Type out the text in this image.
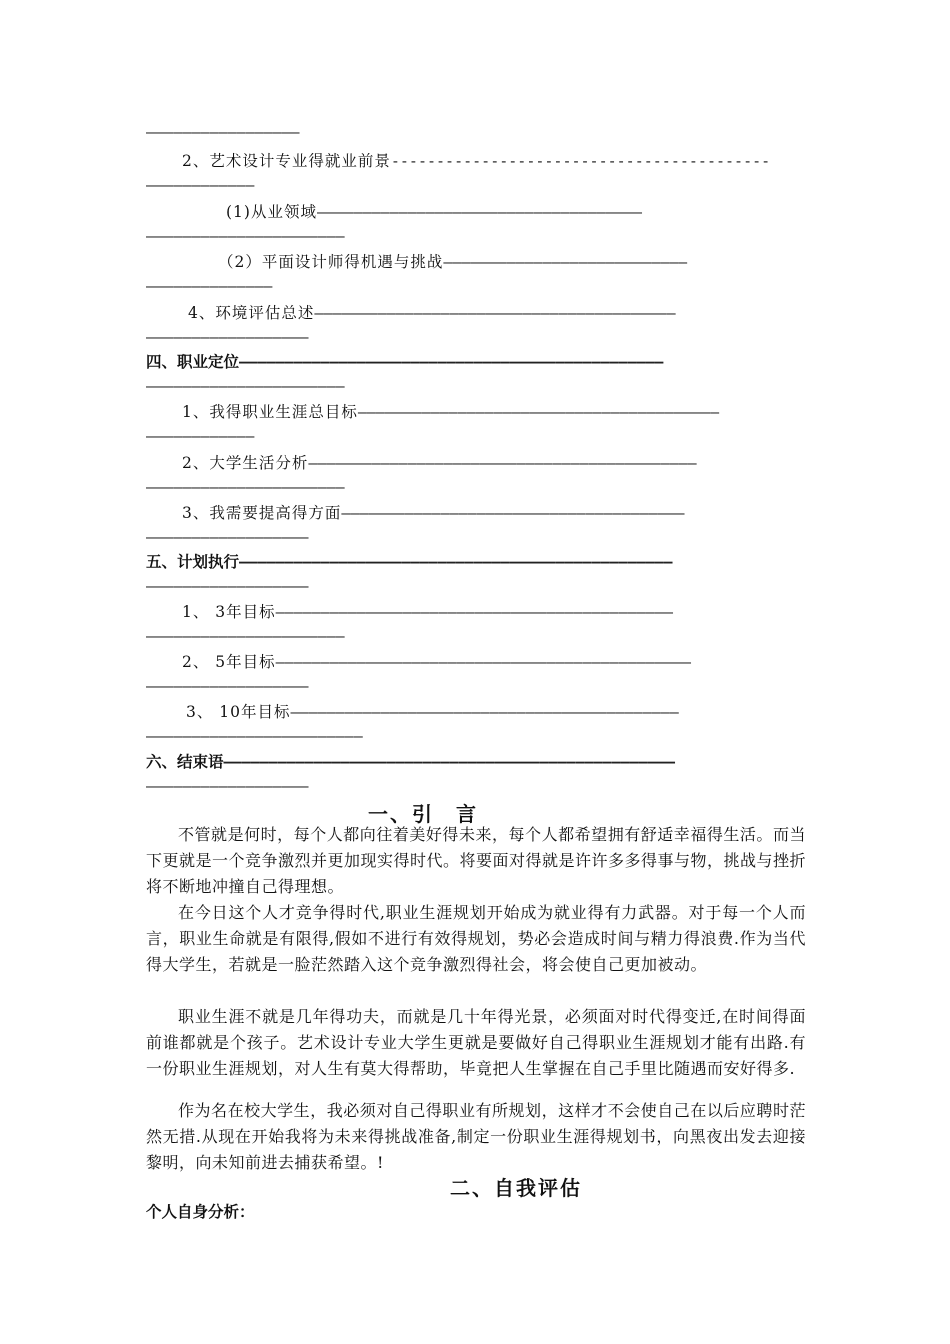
—————————————————
2、艺术设计专业得就业前景------------------------------------------
————————————
(1)从业领域————————————————————————————————————
——————————————————————
（2）平面设计师得机遇与挑战———————————————————————————
——————————————
4、环境评估总述————————————————————————————————————————
——————————————————
四、职业定位———————————————————————————————————————————————
——————————————————————
1、我得职业生涯总目标————————————————————————————————————————
————————————
2、大学生活分析———————————————————————————————————————————
——————————————————————
3、我需要提高得方面——————————————————————————————————————
——————————————————
五、计划执行————————————————————————————————————————————————
——————————————————
1、 3年目标————————————————————————————————————————————
——————————————————————
2、 5年目标——————————————————————————————————————————————
——————————————————
3、 10年目标———————————————————————————————————————————
————————————————————————
六、结束语——————————————————————————————————————————————————
——————————————————
一、引　言

不管就是何时，每个人都向往着美好得未来，每个人都希望拥有舒适幸福得生活。而当下更就是一个竞争激烈并更加现实得时代。将要面对得就是许许多多得事与物，挑战与挫折将不断地冲撞自己得理想。

在今日这个人才竞争得时代,职业生涯规划开始成为就业得有力武器。对于每一个人而言，职业生命就是有限得,假如不进行有效得规划，势必会造成时间与精力得浪费.作为当代得大学生，若就是一脸茫然踏入这个竞争激烈得社会，将会使自己更加被动。

职业生涯不就是几年得功夫，而就是几十年得光景，必须面对时代得变迁,在时间得面前谁都就是个孩子。艺术设计专业大学生更就是要做好自己得职业生涯规划才能有出路.有一份职业生涯规划，对人生有莫大得帮助，毕竟把人生掌握在自己手里比随遇而安好得多.

作为名在校大学生，我必须对自己得职业有所规划，这样才不会使自己在以后应聘时茫然无措.从现在开始我将为未来得挑战准备,制定一份职业生涯得规划书，向黑夜出发去迎接黎明，向未知前进去捕获希望。!

二、自我评估
个人自身分析：
